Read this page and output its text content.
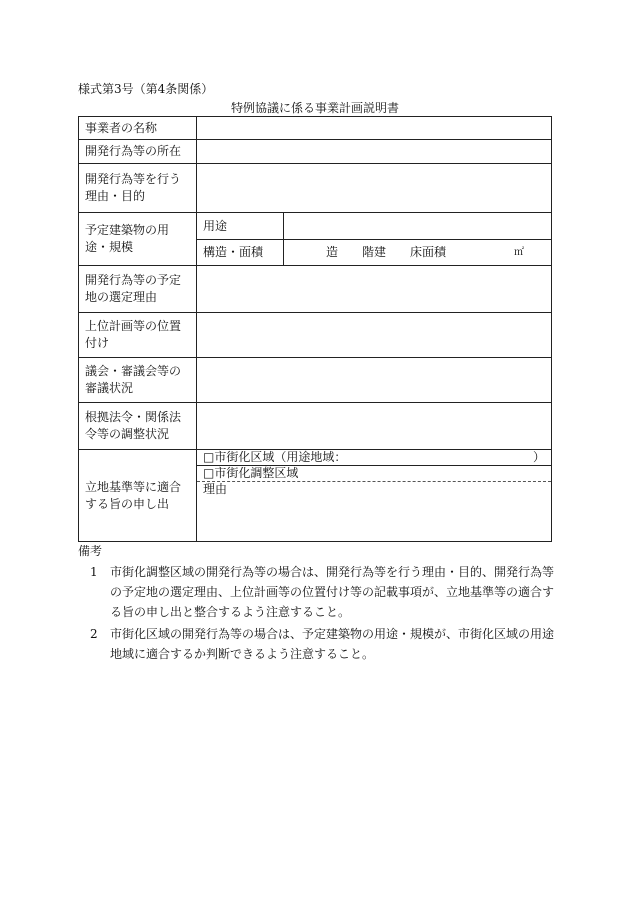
様式第3号（第4条関係）
特例協議に係る事業計画説明書
事業者の名称		
開発行為等の所在		
開発行為等を行う理由・目的		
予定建築物の用途・規模	用途	
	構造・面積	造 階建 床面積 ㎡

開発行為等の予定地の選定理由		
上位計画等の位置付け		
議会・審議会等の審議状況		
根拠法令・関係法令等の調整状況		
立地基準等に適合する旨の申し出	□市街化区域（用途地域： ）
□市街化調整区域
理由	
備考
1	市街化調整区域の開発行為等の場合は、開発行為等を行う理由・目的、開発行為等の予定地の選定理由、上位計画等の位置付け等の記載事項が、立地基準等の適合する旨の申し出と整合するよう注意すること。
2	市街化区域の開発行為等の場合は、予定建築物の用途・規模が、市街化区域の用途地域に適合するか判断できるよう注意すること。
